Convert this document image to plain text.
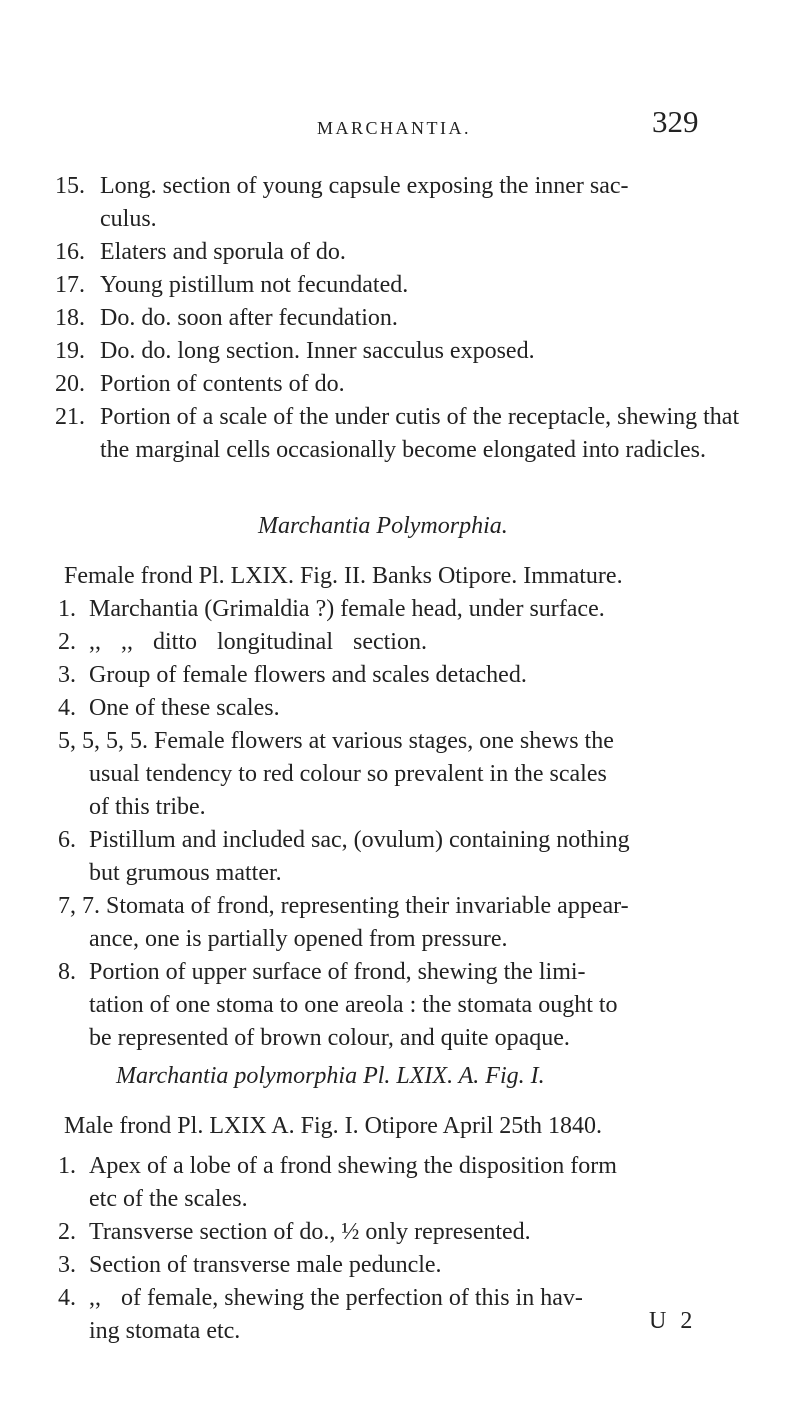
MARCHANTIA.	329
15. Long. section of young capsule exposing the inner sac-
culus.
16. Elaters and sporula of do.
17. Young pistillum not fecundated.
18. Do. do. soon after fecundation.
19. Do. do. long section. Inner sacculus exposed.
20. Portion of contents of do.
21. Portion of a scale of the under cutis of the receptacle, shewing that the marginal cells occasionally become elongated into radicles.
Marchantia Polymorphia.
Female frond Pl. LXIX. Fig. II. Banks Otipore. Immature.
1. Marchantia (Grimaldia ?) female head, under surface.
2. ,, ,, ditto longitudinal section.
3. Group of female flowers and scales detached.
4. One of these scales.
5, 5, 5, 5. Female flowers at various stages, one shews the
usual tendency to red colour so prevalent in the scales
of this tribe.
6. Pistillum and included sac, (ovulum) containing nothing
but grumous matter.
7, 7. Stomata of frond, representing their invariable appear-
ance, one is partially opened from pressure.
8. Portion of upper surface of frond, shewing the limi-
tation of one stoma to one areola : the stomata ought to
be represented of brown colour, and quite opaque.
Marchantia polymorphia Pl. LXIX. A. Fig. I.
Male frond Pl. LXIX A. Fig. I. Otipore April 25th 1840.
1. Apex of a lobe of a frond shewing the disposition form
etc of the scales.
2. Transverse section of do., ½ only represented.
3. Section of transverse male peduncle.
4. ,, of female, shewing the perfection of this in hav-
ing stomata etc.	U 2
